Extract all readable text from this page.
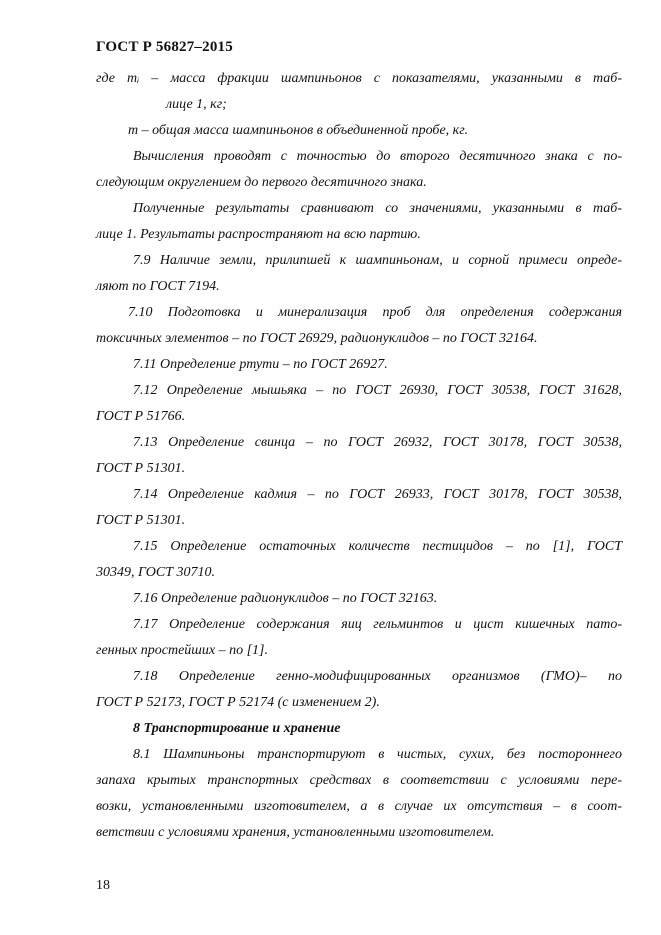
ГОСТ Р 56827–2015
где mᵢ – масса фракции шампиньонов с показателями, указанными в таб-
лице 1, кг;
m – общая масса шампиньонов в объединенной пробе, кг.
Вычисления проводят с точностью до второго десятичного знака с по-
следующим округлением до первого десятичного знака.
Полученные результаты сравнивают со значениями, указанными в таб-
лице 1. Результаты распространяют на всю партию.
7.9 Наличие земли, прилипшей к шампиньонам, и сорной примеси опреде-
ляют по ГОСТ 7194.
7.10 Подготовка и минерализация проб для определения содержания
токсичных элементов – по ГОСТ 26929, радионуклидов – по ГОСТ 32164.
7.11 Определение ртути – по ГОСТ 26927.
7.12 Определение мышьяка – по ГОСТ 26930, ГОСТ 30538, ГОСТ 31628,
ГОСТ Р 51766.
7.13 Определение свинца – по ГОСТ 26932, ГОСТ 30178, ГОСТ 30538,
ГОСТ Р 51301.
7.14 Определение кадмия – по ГОСТ 26933, ГОСТ 30178, ГОСТ 30538,
ГОСТ Р 51301.
7.15 Определение остаточных количеств пестицидов – по [1], ГОСТ
30349, ГОСТ 30710.
7.16 Определение радионуклидов – по ГОСТ 32163.
7.17 Определение содержания яиц гельминтов и цист кишечных пато-
генных простейших – по [1].
7.18 Определение генно-модифицированных организмов (ГМО)– по
ГОСТ Р 52173, ГОСТ Р 52174 (с изменением 2).
8 Транспортирование и хранение
8.1 Шампиньоны транспортируют в чистых, сухих, без постороннего
запаха крытых транспортных средствах в соответствии с условиями пере-
возки, установленными изготовителем, а в случае их отсутствия – в соот-
ветствии с условиями хранения, установленными изготовителем.
18
